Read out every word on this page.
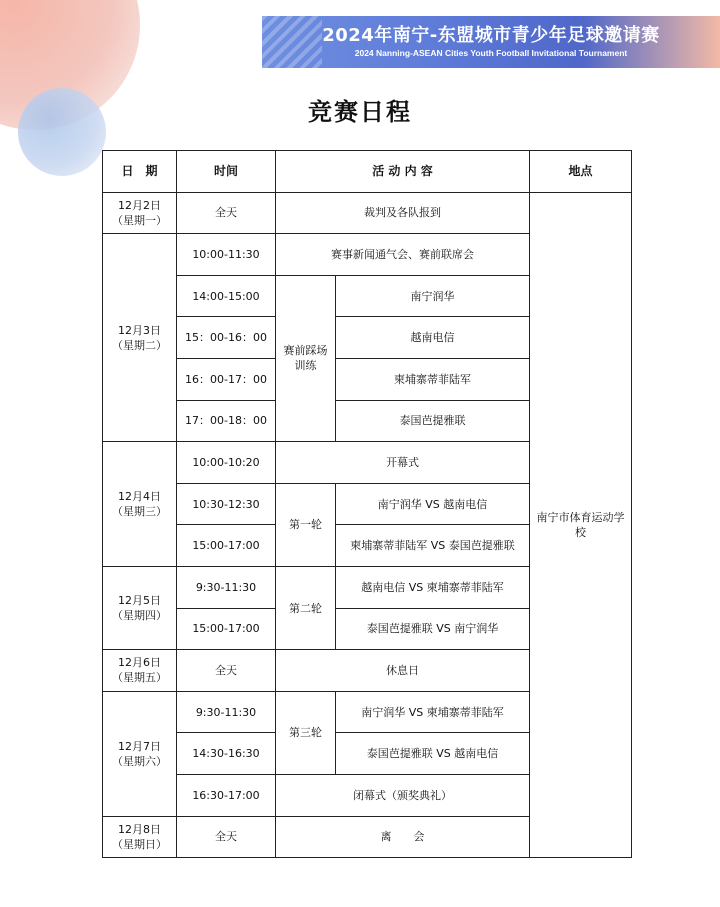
2024年南宁-东盟城市青少年足球邀请赛
2024 Nanning-ASEAN Cities Youth Football Invitational Tournament
竞赛日程
日　期	时间	活 动 内 容		地点

12月2日
（星期一）	全天	裁判及各队报到		南宁市体育运动学校

12月3日
（星期二）	10:00-11:30	赛事新闻通气会、赛前联席会		
	14:00-15:00	赛前踩场训练	南宁润华	
	15：00-16：00		越南电信	
	16：00-17：00		柬埔寨蒂菲陆军	
	17：00-18：00		泰国芭提雅联	

12月4日
（星期三）	10:00-10:20	开幕式		
	10:30-12:30	第一轮	南宁润华 VS 越南电信	
	15:00-17:00		柬埔寨蒂菲陆军 VS 泰国芭提雅联	

12月5日
（星期四）	9:30-11:30	第二轮	越南电信 VS 柬埔寨蒂菲陆军	
	15:00-17:00		泰国芭提雅联 VS 南宁润华	

12月6日
（星期五）	全天	休息日		

12月7日
（星期六）	9:30-11:30	第三轮	南宁润华 VS 柬埔寨蒂菲陆军	
	14:30-16:30		泰国芭提雅联 VS 越南电信	
	16:30-17:00	闭幕式（颁奖典礼）		

12月8日
（星期日）	全天	离　　会		
